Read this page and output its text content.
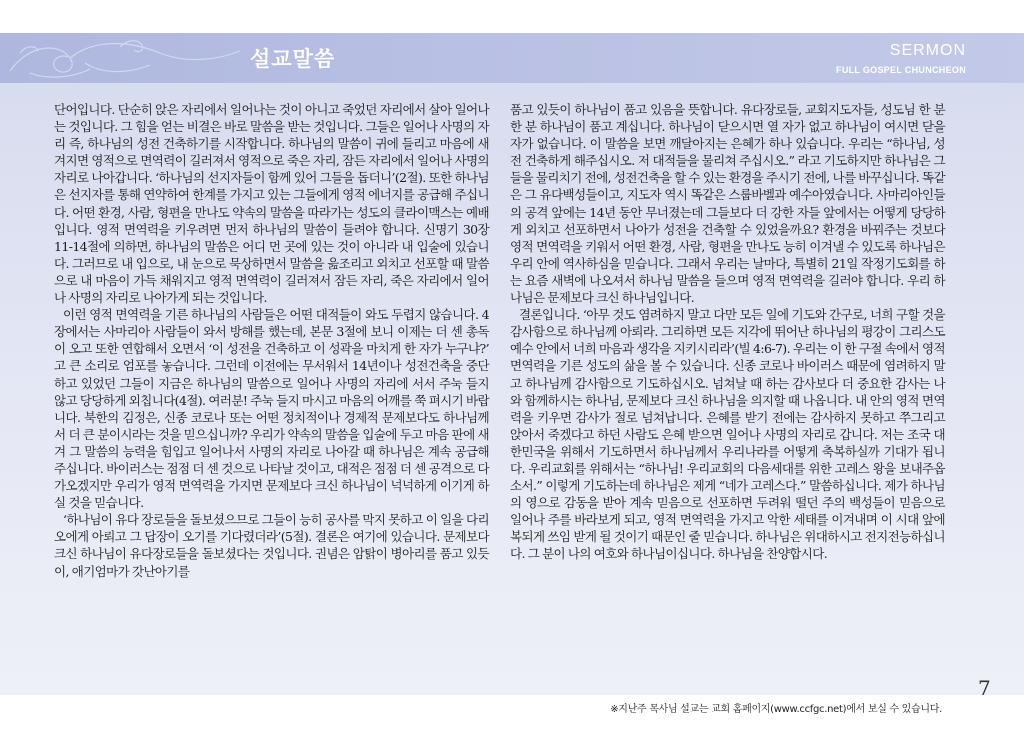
설교말씀	SERMON
FULL GOSPEL CHUNCHEON

단어입니다. 단순히 앉은 자리에서 일어나는 것이 아니고 죽었던 자리에서 살아 일어나는 것입니다. 그 힘을 얻는 비결은 바로 말씀을 받는 것입니다. 그들은 일어나 사명의 자리 즉, 하나님의 성전 건축하기를 시작합니다. 하나님의 말씀이 귀에 들리고 마음에 새겨지면 영적으로 면역력이 길러져서 영적으로 죽은 자리, 잠든 자리에서 일어나 사명의 자리로 나아갑니다. ‘하나님의 선지자들이 함께 있어 그들을 돕더니’(2절). 또한 하나님은 선지자를 통해 연약하여 한계를 가지고 있는 그들에게 영적 에너지를 공급해 주십니다. 어떤 환경, 사람, 형편을 만나도 약속의 말씀을 따라가는 성도의 클라이맥스는 예배입니다. 영적 면역력을 키우려면 먼저 하나님의 말씀이 들려야 합니다. 신명기 30장 11-14절에 의하면, 하나님의 말씀은 어디 먼 곳에 있는 것이 아니라 내 입술에 있습니다. 그러므로 내 입으로, 내 눈으로 묵상하면서 말씀을 읊조리고 외치고 선포할 때 말씀으로 내 마음이 가득 채워지고 영적 면역력이 길러져서 잠든 자리, 죽은 자리에서 일어나 사명의 자리로 나아가게 되는 것입니다.

이런 영적 면역력을 기른 하나님의 사람들은 어떤 대적들이 와도 두렵지 않습니다. 4장에서는 사마리아 사람들이 와서 방해를 했는데, 본문 3절에 보니 이제는 더 센 총독이 오고 또한 연합해서 오면서 ‘이 성전을 건축하고 이 성곽을 마치게 한 자가 누구냐?’ 고 큰 소리로 엄포를 놓습니다. 그런데 이전에는 무서워서 14년이나 성전건축을 중단하고 있었던 그들이 지금은 하나님의 말씀으로 일어나 사명의 자리에 서서 주눅 들지 않고 당당하게 외칩니다(4절). 여러분! 주눅 들지 마시고 마음의 어깨를 쭉 펴시기 바랍니다. 북한의 김정은, 신종 코로나 또는 어떤 정치적이나 경제적 문제보다도 하나님께서 더 큰 분이시라는 것을 믿으십니까? 우리가 약속의 말씀을 입술에 두고 마음 판에 새겨 그 말씀의 능력을 힘입고 일어나서 사명의 자리로 나아갈 때 하나님은 계속 공급해주십니다. 바이러스는 점점 더 센 것으로 나타날 것이고, 대적은 점점 더 센 공격으로 다가오겠지만 우리가 영적 면역력을 가지면 문제보다 크신 하나님이 넉넉하게 이기게 하실 것을 믿습니다.

‘하나님이 유다 장로들을 돌보셨으므로 그들이 능히 공사를 막지 못하고 이 일을 다리오에게 아뢰고 그 답장이 오기를 기다렸더라’(5절). 결론은 여기에 있습니다. 문제보다 크신 하나님이 유다장로들을 돌보셨다는 것입니다. 권념은 암탉이 병아리를 품고 있듯이, 애기엄마가 갓난아기를

품고 있듯이 하나님이 품고 있음을 뜻합니다. 유다장로들, 교회지도자들, 성도님 한 분 한 분 하나님이 품고 계십니다. 하나님이 닫으시면 열 자가 없고 하나님이 여시면 닫을 자가 없습니다. 이 말씀을 보면 깨달아지는 은혜가 하나 있습니다. 우리는 “하나님, 성전 건축하게 해주십시오. 저 대적들을 물리쳐 주십시오.” 라고 기도하지만 하나님은 그들을 물리치기 전에, 성전건축을 할 수 있는 환경을 주시기 전에, 나를 바꾸십니다. 똑같은 그 유다백성들이고, 지도자 역시 똑같은 스룹바벨과 예수아였습니다. 사마리아인들의 공격 앞에는 14년 동안 무너졌는데 그들보다 더 강한 자들 앞에서는 어떻게 당당하게 외치고 선포하면서 나아가 성전을 건축할 수 있었을까요? 환경을 바꿔주는 것보다 영적 면역력을 키워서 어떤 환경, 사람, 형편을 만나도 능히 이겨낼 수 있도록 하나님은 우리 안에 역사하심을 믿습니다. 그래서 우리는 날마다, 특별히 21일 작정기도회를 하는 요즘 새벽에 나오셔서 하나님 말씀을 들으며 영적 면역력을 길러야 합니다. 우리 하나님은 문제보다 크신 하나님입니다.

결론입니다. ‘아무 것도 염려하지 말고 다만 모든 일에 기도와 간구로, 너희 구할 것을 감사함으로 하나님께 아뢰라. 그리하면 모든 지각에 뛰어난 하나님의 평강이 그리스도 예수 안에서 너희 마음과 생각을 지키시리라’(빌 4:6-7). 우리는 이 한 구절 속에서 영적 면역력을 기른 성도의 삶을 볼 수 있습니다. 신종 코로나 바이러스 때문에 염려하지 말고 하나님께 감사함으로 기도하십시오. 넘쳐날 때 하는 감사보다 더 중요한 감사는 나와 함께하시는 하나님, 문제보다 크신 하나님을 의지할 때 나옵니다. 내 안의 영적 면역력을 키우면 감사가 절로 넘쳐납니다. 은혜를 받기 전에는 감사하지 못하고 쭈그리고 앉아서 죽겠다고 하던 사람도 은혜 받으면 일어나 사명의 자리로 갑니다. 저는 조국 대한민국을 위해서 기도하면서 하나님께서 우리나라를 어떻게 축복하실까 기대가 됩니다. 우리교회를 위해서는 “하나님! 우리교회의 다음세대를 위한 고레스 왕을 보내주옵소서.” 이렇게 기도하는데 하나님은 제게 “네가 고레스다.” 말씀하십니다. 제가 하나님의 영으로 감동을 받아 계속 믿음으로 선포하면 두려워 떨던 주의 백성들이 믿음으로 일어나 주를 바라보게 되고, 영적 면역력을 가지고 악한 세태를 이겨내며 이 시대 앞에 복되게 쓰임 받게 될 것이기 때문인 줄 믿습니다. 하나님은 위대하시고 전지전능하십니다. 그 분이 나의 여호와 하나님이십니다. 하나님을 찬양합시다.

7
※지난주 목사님 설교는 교회 홈페이지(www.ccfgc.net)에서 보실 수 있습니다.
